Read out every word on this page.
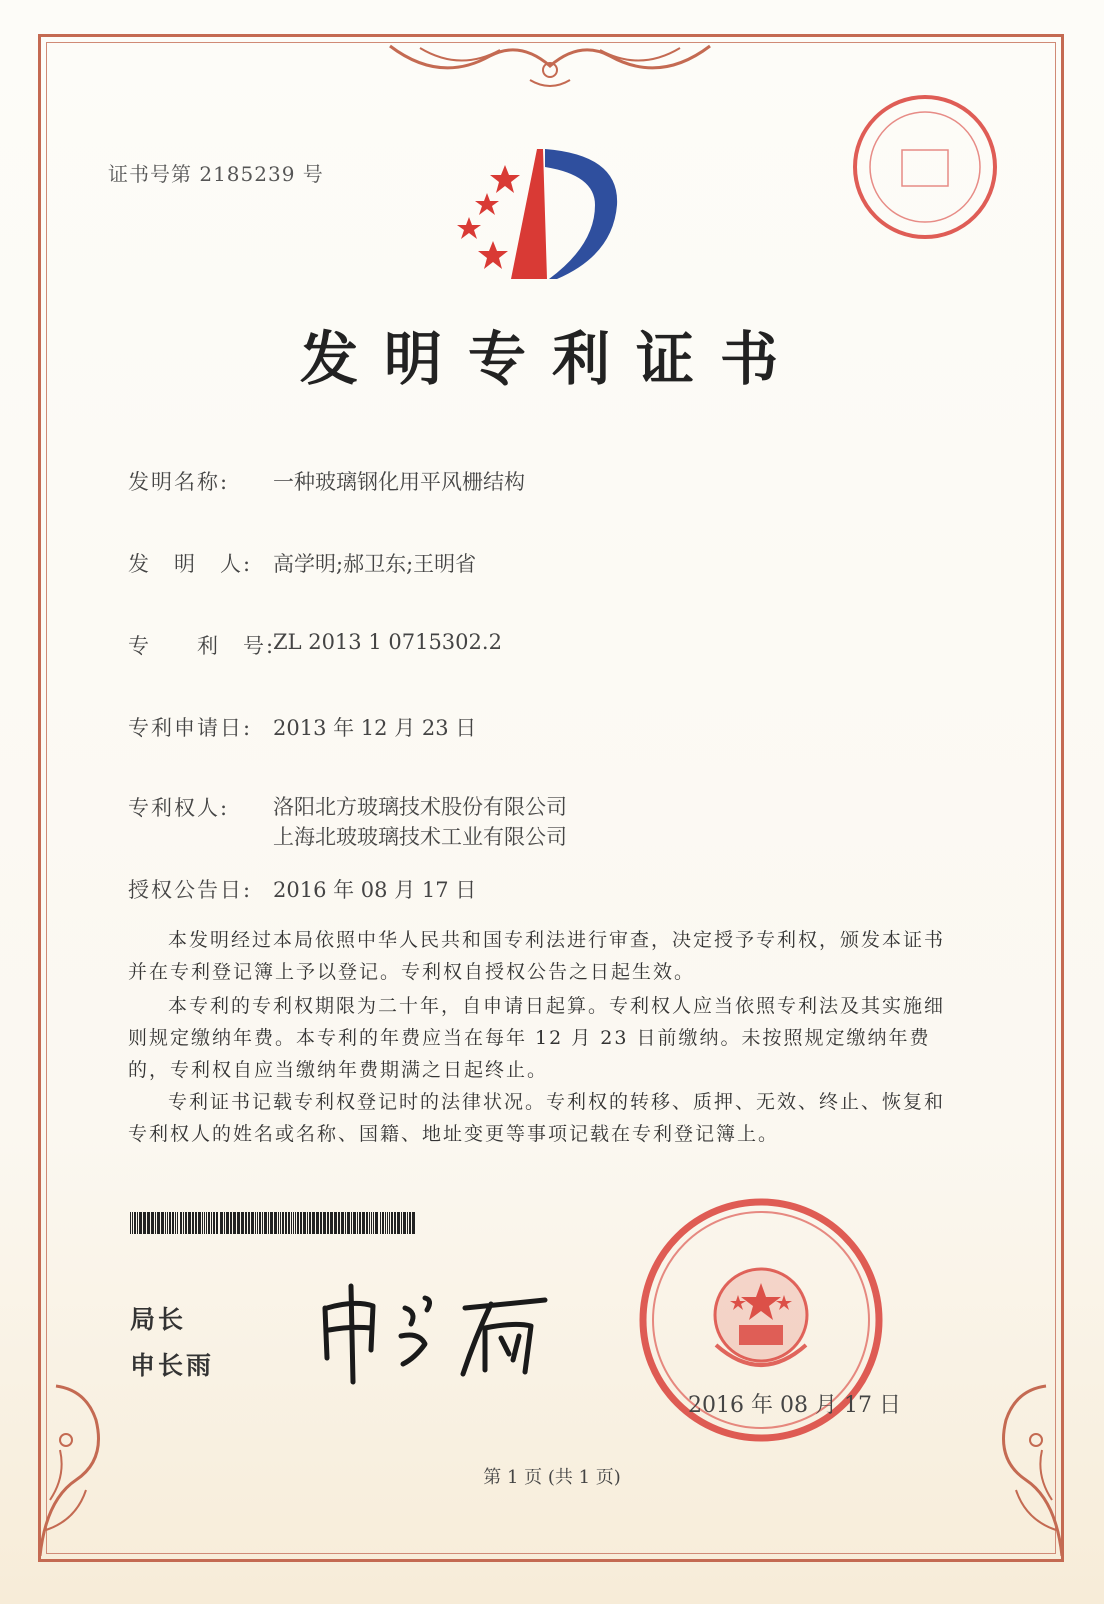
证书号第 2185239 号
发明专利证书
发明名称:	一种玻璃钢化用平风栅结构
发　明　人: 高学明;郝卫东;王明省
专　　利　号:
ZL 2013 1 0715302.2
专利申请日: 2013 年 12 月 23 日
专利权人:	洛阳北方玻璃技术股份有限公司
上海北玻玻璃技术工业有限公司
授权公告日: 2016 年 08 月 17 日
本发明经过本局依照中华人民共和国专利法进行审查，决定授予专利权，颁发本证书并在专利登记簿上予以登记。专利权自授权公告之日起生效。
本专利的专利权期限为二十年，自申请日起算。专利权人应当依照专利法及其实施细则规定缴纳年费。本专利的年费应当在每年 12 月 23 日前缴纳。未按照规定缴纳年费的，专利权自应当缴纳年费期满之日起终止。
专利证书记载专利权登记时的法律状况。专利权的转移、质押、无效、终止、恢复和专利权人的姓名或名称、国籍、地址变更等事项记载在专利登记簿上。
局长
申长雨
2016 年 08 月 17 日
第 1 页 (共 1 页)
